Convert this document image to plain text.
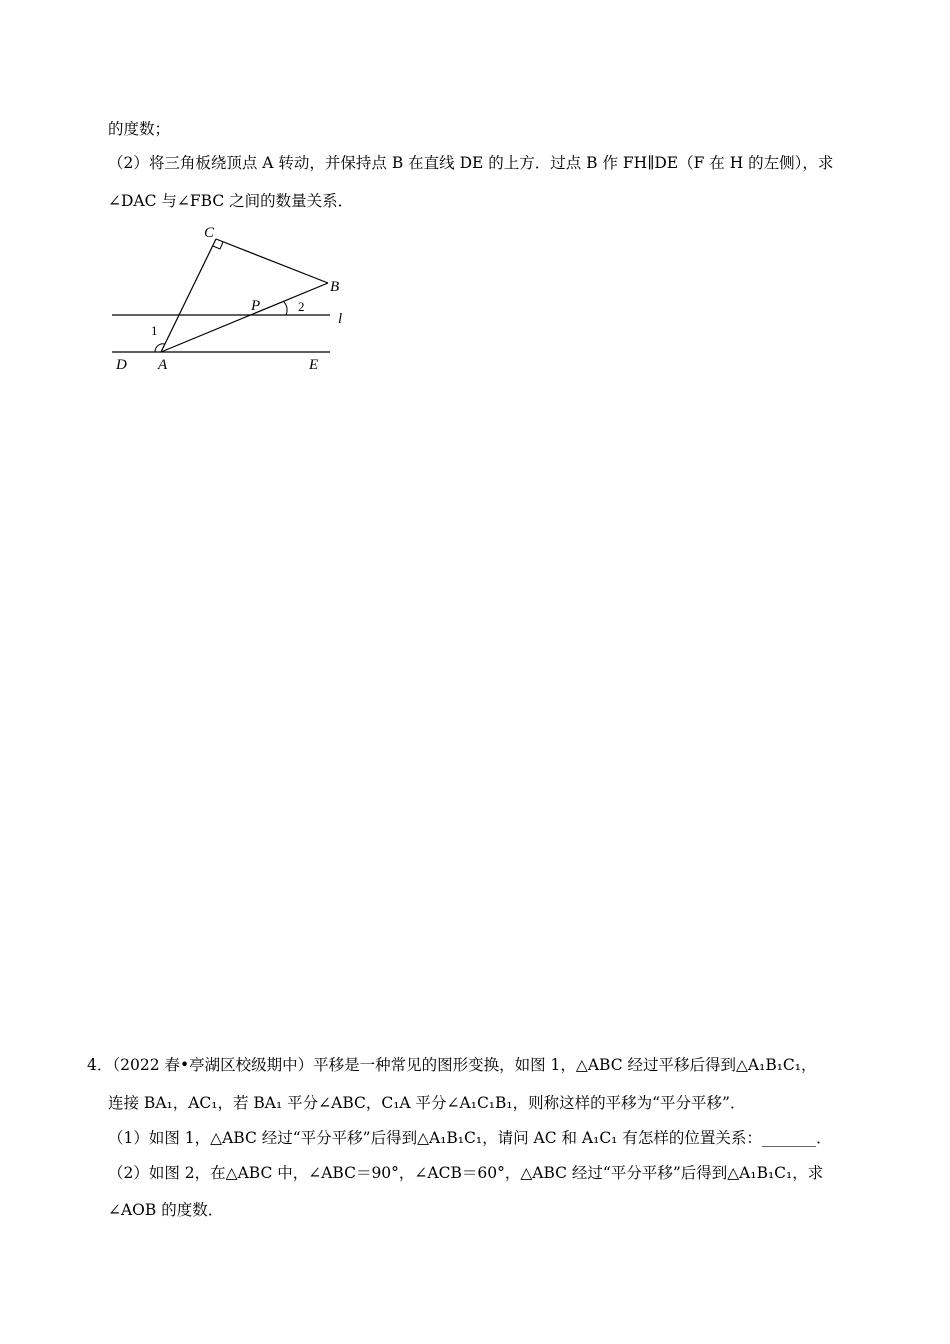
的度数；
（2）将三角板绕顶点 A 转动，并保持点 B 在直线 DE 的上方．过点 B 作 FH∥DE（F 在 H 的左侧），求
∠DAC 与∠FBC 之间的数量关系．
C
B
P	2
1
l
D A	E
4．（2022 春•亭湖区校级期中）平移是一种常见的图形变换，如图 1，△ABC 经过平移后得到△A₁B₁C₁，
连接 BA₁，AC₁，若 BA₁ 平分∠ABC，C₁A 平分∠A₁C₁B₁，则称这样的平移为“平分平移”．
（1）如图 1，△ABC 经过“平分平移”后得到△A₁B₁C₁，请问 AC 和 A₁C₁ 有怎样的位置关系：_______．
（2）如图 2，在△ABC 中，∠ABC＝90°，∠ACB＝60°，△ABC 经过“平分平移”后得到△A₁B₁C₁，求
∠AOB 的度数．
